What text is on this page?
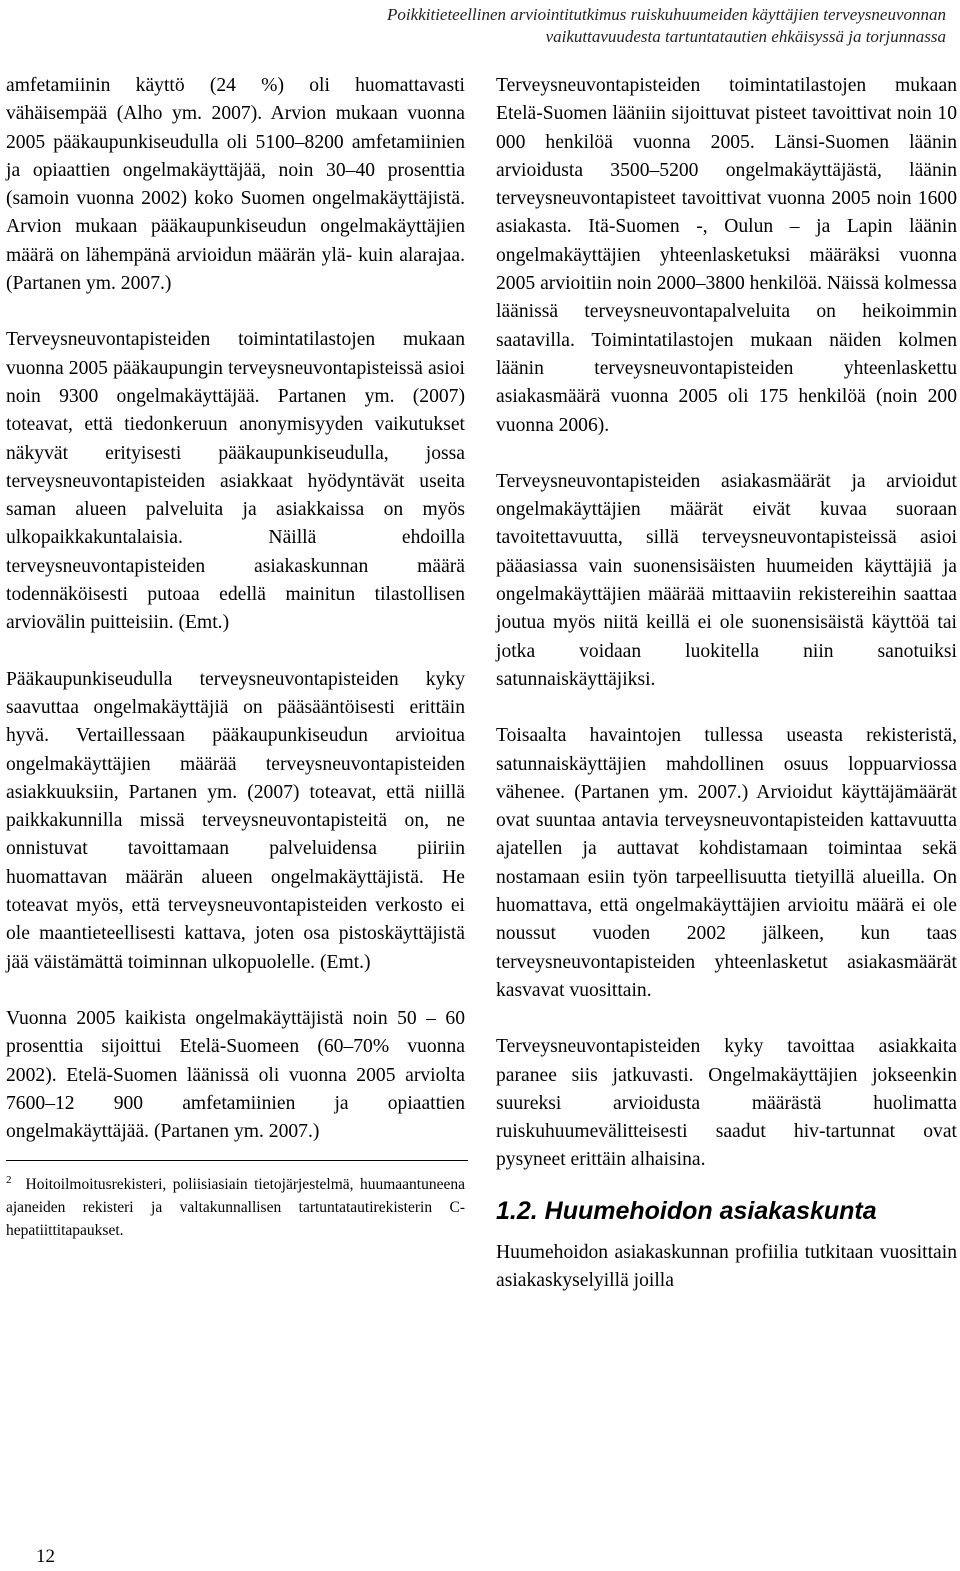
Poikkitieteellinen arviointitutkimus ruiskuhuumeiden käyttäjien terveysneuvonnan
vaikuttavuudesta tartuntatautien ehkäisyssä ja torjunnassa

amfetamiinin käyttö (24 %) oli huomattavasti vähäisempää (Alho ym. 2007). Arvion mukaan vuonna 2005 pääkaupunkiseudulla oli 5100–8200 amfetamiinien ja opiaattien ongelmakäyttäjää, noin 30–40 prosenttia (samoin vuonna 2002) koko Suomen ongelmakäyttäjistä. Arvion mukaan pääkaupunkiseudun ongelmakäyttäjien määrä on lähempänä arvioidun määrän ylä- kuin alarajaa. (Partanen ym. 2007.)

Terveysneuvontapisteiden toimintatilastojen mukaan vuonna 2005 pääkaupungin terveysneuvontapisteissä asioi noin 9300 ongelmakäyttäjää. Partanen ym. (2007) toteavat, että tiedonkeruun anonymisyyden vaikutukset näkyvät erityisesti pääkaupunkiseudulla, jossa terveysneuvontapisteiden asiakkaat hyödyntävät useita saman alueen palveluita ja asiakkaissa on myös ulkopaikkakuntalaisia. Näillä ehdoilla terveysneuvontapisteiden asiakaskunnan määrä todennäköisesti putoaa edellä mainitun tilastollisen arviovälin puitteisiin. (Emt.)

Pääkaupunkiseudulla terveysneuvontapisteiden kyky saavuttaa ongelmakäyttäjiä on pääsääntöisesti erittäin hyvä. Vertaillessaan pääkaupunkiseudun arvioitua ongelmakäyttäjien määrää terveysneuvontapisteiden asiakkuuksiin, Partanen ym. (2007) toteavat, että niillä paikkakunnilla missä terveysneuvontapisteitä on, ne onnistuvat tavoittamaan palveluidensa piiriin huomattavan määrän alueen ongelmakäyttäjistä. He toteavat myös, että terveysneuvontapisteiden verkosto ei ole maantieteellisesti kattava, joten osa pistoskäyttäjistä jää väistämättä toiminnan ulkopuolelle. (Emt.)

Vuonna 2005 kaikista ongelmakäyttäjistä noin 50 – 60 prosenttia sijoittui Etelä-Suomeen (60–70% vuonna 2002). Etelä-Suomen läänissä oli vuonna 2005 arviolta 7600–12 900 amfetamiinien ja opiaattien ongelmakäyttäjää. (Partanen ym. 2007.)

$^2$ Hoitoilmoitusrekisteri, poliisiasiain tietojärjestelmä, huumaantuneena ajaneiden rekisteri ja valtakunnallisen tartuntatautirekisterin C-hepatiittitapaukset.

Terveysneuvontapisteiden toimintatilastojen mukaan Etelä-Suomen lääniin sijoittuvat pisteet tavoittivat noin 10 000 henkilöä vuonna 2005. Länsi-Suomen läänin arvioidusta 3500–5200 ongelmakäyttäjästä, läänin terveysneuvontapisteet tavoittivat vuonna 2005 noin 1600 asiakasta. Itä-Suomen -, Oulun – ja Lapin läänin ongelmakäyttäjien yhteenlasketuksi määräksi vuonna 2005 arvioitiin noin 2000–3800 henkilöä. Näissä kolmessa läänissä terveysneuvontapalveluita on heikoimmin saatavilla. Toimintatilastojen mukaan näiden kolmen läänin terveysneuvontapisteiden yhteenlaskettu asiakasmäärä vuonna 2005 oli 175 henkilöä (noin 200 vuonna 2006).

Terveysneuvontapisteiden asiakasmäärät ja arvioidut ongelmakäyttäjien määrät eivät kuvaa suoraan tavoitettavuutta, sillä terveysneuvontapisteissä asioi pääasiassa vain suonensisäisten huumeiden käyttäjiä ja ongelmakäyttäjien määrää mittaaviin rekistereihin saattaa joutua myös niitä keillä ei ole suonensisäistä käyttöä tai jotka voidaan luokitella niin sanotuiksi satunnaiskäyttäjiksi.

Toisaalta havaintojen tullessa useasta rekisteristä, satunnaiskäyttäjien mahdollinen osuus loppuarviossa vähenee. (Partanen ym. 2007.) Arvioidut käyttäjämäärät ovat suuntaa antavia terveysneuvontapisteiden kattavuutta ajatellen ja auttavat kohdistamaan toimintaa sekä nostamaan esiin työn tarpeellisuutta tietyillä alueilla. On huomattava, että ongelmakäyttäjien arvioitu määrä ei ole noussut vuoden 2002 jälkeen, kun taas terveysneuvontapisteiden yhteenlasketut asiakasmäärät kasvavat vuosittain.

Terveysneuvontapisteiden kyky tavoittaa asiakkaita paranee siis jatkuvasti. Ongelmakäyttäjien jokseenkin suureksi arvioidusta määrästä huolimatta ruiskuhuumevälitteisesti saadut hiv-tartunnat ovat pysyneet erittäin alhaisina.

1.2. Huumehoidon asiakaskunta

Huumehoidon asiakaskunnan profiilia tutkitaan vuosittain asiakaskyselyillä joilla

12
